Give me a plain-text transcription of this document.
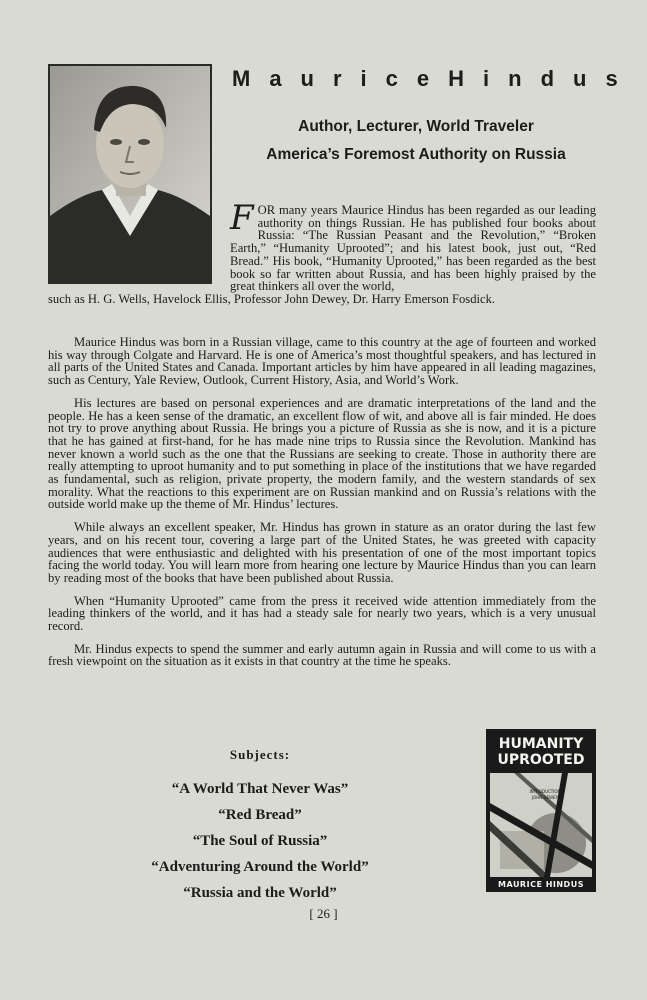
Maurice Hindus
Author, Lecturer, World Traveler
America’s Foremost Authority on Russia
F OR many years Maurice Hindus has been regarded as our leading authority on things Russian. He has published four books about Russia: “The Russian Peasant and the Revolution,” “Broken Earth,” “Humanity Uprooted”; and his latest book, just out, “Red Bread.” His book, “Humanity Uprooted,” has been regarded as the best book so far written about Russia, and has been highly praised by the great thinkers all over the world,
such as H. G. Wells, Havelock Ellis, Professor John Dewey, Dr. Harry Emerson Fosdick.

Maurice Hindus was born in a Russian village, came to this country at the age of fourteen and worked his way through Colgate and Harvard. He is one of America’s most thoughtful speakers, and has lectured in all parts of the United States and Canada. Important articles by him have appeared in all leading magazines, such as Century, Yale Review, Outlook, Current History, Asia, and World’s Work.

His lectures are based on personal experiences and are dramatic interpretations of the land and the people. He has a keen sense of the dramatic, an excellent flow of wit, and above all is fair minded. He does not try to prove anything about Russia. He brings you a picture of Russia as she is now, and it is a picture that he has gained at first-hand, for he has made nine trips to Russia since the Revolution. Mankind has never known a world such as the one that the Russians are seeking to create. Those in authority there are really attempting to uproot humanity and to put something in place of the institutions that we have regarded as fundamental, such as religion, private property, the modern family, and the western standards of sex morality. What the reactions to this experiment are on Russian mankind and on Russia’s relations with the outside world make up the theme of Mr. Hindus’ lectures.

While always an excellent speaker, Mr. Hindus has grown in stature as an orator during the last few years, and on his recent tour, covering a large part of the United States, he was greeted with capacity audiences that were enthusiastic and delighted with his presentation of one of the most important topics facing the world today. You will learn more from hearing one lecture by Maurice Hindus than you can learn by reading most of the books that have been published about Russia.

When “Humanity Uprooted” came from the press it received wide attention immediately from the leading thinkers of the world, and it has had a steady sale for nearly two years, which is a very unusual record.

Mr. Hindus expects to spend the summer and early autumn again in Russia and will come to us with a fresh viewpoint on the situation as it exists in that country at the time he speaks.

Subjects:
“A World That Never Was”
“Red Bread”
“The Soul of Russia”
“Adventuring Around the World”
“Russia and the World”
HUMANITY
UPROOTED
INTRODUCTION
JOHN DEWEY
MAURICE HINDUS
[ 26 ]
